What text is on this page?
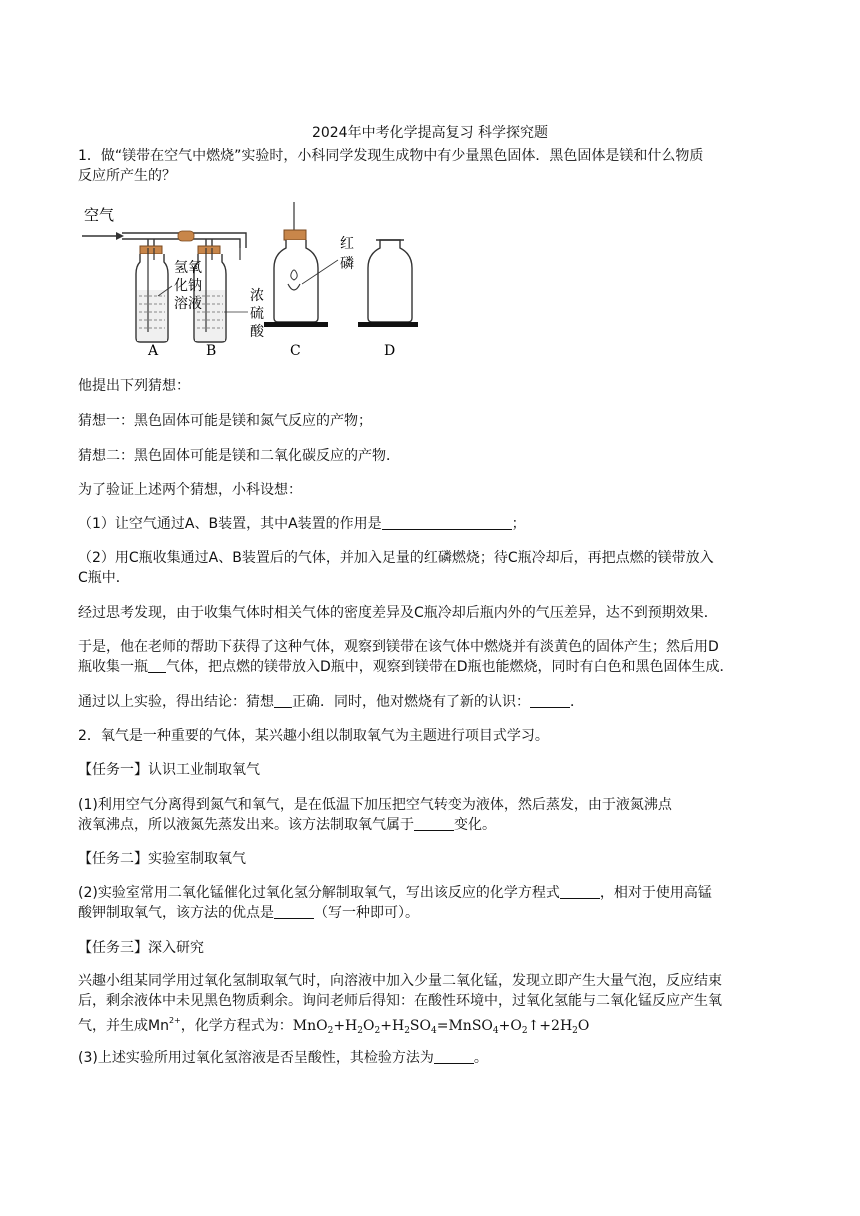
2024年中考化学提高复习 科学探究题
1．做“镁带在空气中燃烧”实验时，小科同学发现生成物中有少量黑色固体．黑色固体是镁和什么物质
反应所产生的？
空气
氢氧
化钠
溶液	浓
硫
酸
红
磷
A	B	C	D
他提出下列猜想：
猜想一：黑色固体可能是镁和氮气反应的产物；
猜想二：黑色固体可能是镁和二氧化碳反应的产物．
为了验证上述两个猜想，小科设想：
（1）让空气通过A、B装置，其中A装置的作用是	；
（2）用C瓶收集通过A、B装置后的气体，并加入足量的红磷燃烧；待C瓶冷却后，再把点燃的镁带放入
C瓶中．
经过思考发现，由于收集气体时相关气体的密度差异及C瓶冷却后瓶内外的气压差异，达不到预期效果．
于是，他在老师的帮助下获得了这种气体，观察到镁带在该气体中燃烧并有淡黄色的固体产生；然后用D
瓶收集一瓶 气体，把点燃的镁带放入D瓶中，观察到镁带在D瓶也能燃烧，同时有白色和黑色固体生成．
通过以上实验，得出结论：猜想 正确．同时，他对燃烧有了新的认识：	．
2．氧气是一种重要的气体，某兴趣小组以制取氧气为主题进行项目式学习。
【任务一】认识工业制取氧气
(1)利用空气分离得到氮气和氧气，是在低温下加压把空气转变为液体，然后蒸发，由于液氮沸点
液氧沸点，所以液氮先蒸发出来。该方法制取氧气属于	变化。
【任务二】实验室制取氧气
(2)实验室常用二氧化锰催化过氧化氢分解制取氧气，写出该反应的化学方程式	，相对于使用高锰
酸钾制取氧气，该方法的优点是	（写一种即可）。
【任务三】深入研究
兴趣小组某同学用过氧化氢制取氧气时，向溶液中加入少量二氧化锰，发现立即产生大量气泡，反应结束
后，剩余液体中未见黑色物质剩余。询问老师后得知：在酸性环境中，过氧化氢能与二氧化锰反应产生氧
气，并生成$Mn^{2+}$，化学方程式为：$MnO_2+H_2O_2+H_2SO_4=MnSO_4+O_2↑+2H_2O$
(3)上述实验所用过氧化氢溶液是否呈酸性，其检验方法为	。
